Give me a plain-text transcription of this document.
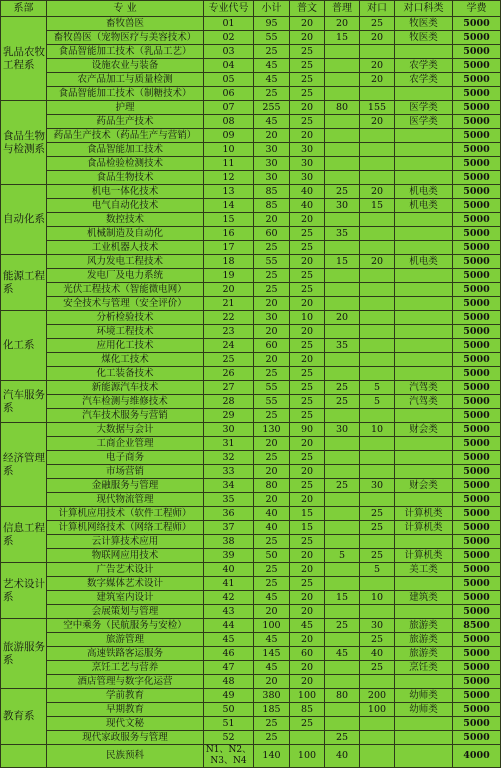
系部	专 业	专业代号	小计	普文	普理	对口	对口科类	学费
乳品农牧工程系	畜牧兽医	01	95	20	20	25	牧医类	5000
	畜牧兽医（宠物医疗与美容技术）	02	55	20	15	20	牧医类	5000
	食品智能加工技术（乳品工艺）	03	25	25				5000
	设施农业与装备	04	45	25		20	农学类	5000
	农产品加工与质量检测	05	45	25		20	农学类	5000
	食品智能加工技术（制糖技术）	06	25	25				5000
食品生物与检测系	护理	07	255	20	80	155	医学类	5000
	药品生产技术	08	45	25		20	医学类	5000
	药品生产技术（药品生产与营销）	09	20	20				5000
	食品智能加工技术	10	30	30				5000
	食品检验检测技术	11	30	30				5000
	食品生物技术	12	30	30				5000
自动化系	机电一体化技术	13	85	40	25	20	机电类	5000
	电气自动化技术	14	85	40	30	15	机电类	5000
	数控技术	15	20	20				5000
	机械制造及自动化	16	60	25	35			5000
	工业机器人技术	17	25	25				5000
能源工程系	风力发电工程技术	18	55	20	15	20	机电类	5000
	发电厂及电力系统	19	25	25				5000
	光伏工程技术（智能微电网）	20	25	25				5000
	安全技术与管理（安全评价）	21	20	20				5000
化工系	分析检验技术	22	30	10	20			5000
	环境工程技术	23	20	20				5000
	应用化工技术	24	60	25	35			5000
	煤化工技术	25	20	20				5000
	化工装备技术	26	25	25				5000
汽车服务系	新能源汽车技术	27	55	25	25	5	汽驾类	5000
	汽车检测与维修技术	28	55	25	25	5	汽驾类	5000
	汽车技术服务与营销	29	25	25				5000
经济管理系	大数据与会计	30	130	90	30	10	财会类	5000
	工商企业管理	31	20	20				5000
	电子商务	32	25	25				5000
	市场营销	33	20	20				5000
	金融服务与管理	34	80	25	25	30	财会类	5000
	现代物流管理	35	20	20				5000
信息工程系	计算机应用技术（软件工程师）	36	40	15		25	计算机类	5000
	计算机网络技术（网络工程师）	37	40	15		25	计算机类	5000
	云计算技术应用	38	25	25				5000
	物联网应用技术	39	50	20	5	25	计算机类	5000
艺术设计系	广告艺术设计	40	25	20		5	美工类	5000
	数字媒体艺术设计	41	25	25				5000
	建筑室内设计	42	45	20	15	10	建筑类	5000
	会展策划与管理	43	20	20				5000
旅游服务系	空中乘务（民航服务与安检）	44	100	45	25	30	旅游类	8500
	旅游管理	45	45	20		25	旅游类	5000
	高速铁路客运服务	46	145	60	45	40	旅游类	5000
	烹饪工艺与营养	47	45	20		25	烹饪类	5000
	酒店管理与数字化运营	48	20	20				5000
教育系	学前教育	49	380	100	80	200	幼师类	5000
	早期教育	50	185	85		100	幼师类	5000
	现代文秘	51	25	25				5000
	现代家政服务与管理	52	25		25			5000
	民族预科	N1、N2、N3、N4	140	100	40			4000
